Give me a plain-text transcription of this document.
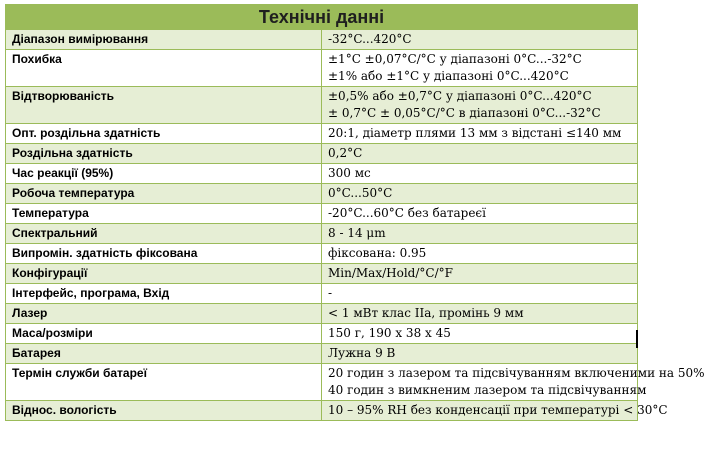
Технічні данні	
Діапазон вимірювання	-32°C...420°C

Похибка	±1°C ±0,07°C/°C у діапазоні 0°C...-32°C
±1% або ±1°C у діапазоні 0°C...420°C

Відтворюваність	±0,5% або ±0,7°C у діапазоні 0°C...420°C
± 0,7°C ± 0,05°C/°C в діапазоні 0°C...-32°C

Опт. роздільна здатність	20:1, діаметр плями 13 мм з відстані ≤140 мм

Роздільна здатність	0,2°C

Час реакції (95%)	300 мс

Робоча температура	0°C...50°C

Температура	-20°C...60°C без батареєї

Спектральний	8 - 14 μm

Випромін. здатність фіксована	фіксована: 0.95

Конфігурації	Min/Max/Hold/°C/°F

Інтерфейс, програма, Вхід	-

Лазер	< 1 мВт клас IIa, промінь 9 мм

Маса/розміри	150 г, 190 x 38 x 45

Батарея	Лужна 9 В

Термін служби батареї	20 годин з лазером та підсвічуванням включеними на 50%
40 годин з вимкненим лазером та підсвічуванням

Віднос. вологість	10 – 95% RH без конденсації при температурі < 30°C
